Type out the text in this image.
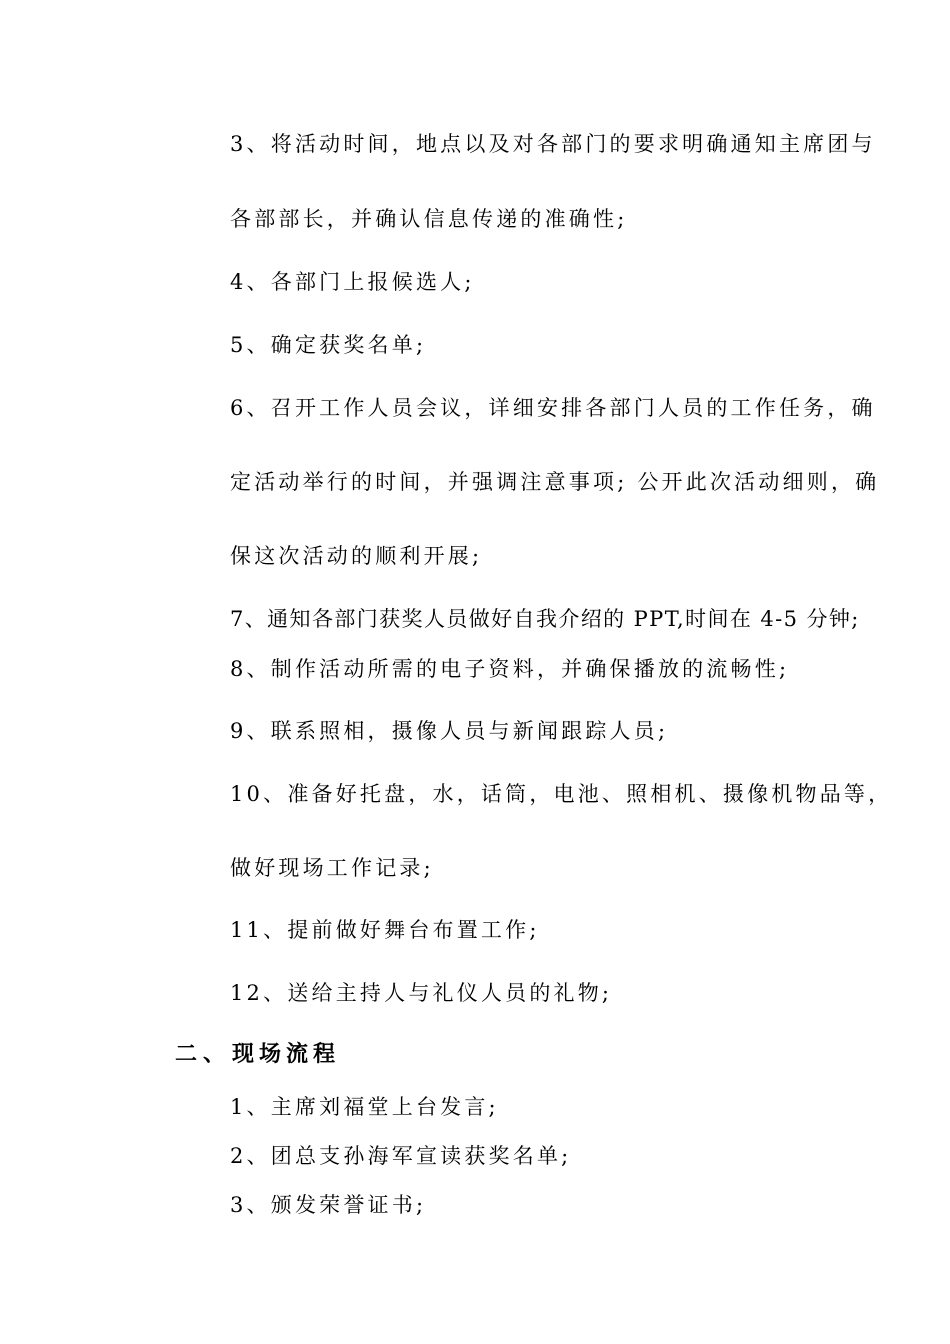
3、将活动时间，地点以及对各部门的要求明确通知主席团与
各部部长，并确认信息传递的准确性;
4、各部门上报候选人;
5、确定获奖名单;
6、召开工作人员会议，详细安排各部门人员的工作任务，确
定活动举行的时间，并强调注意事项; 公开此次活动细则，确
保这次活动的顺利开展;
7、通知各部门获奖人员做好自我介绍的 PPT,时间在 4-5 分钟;
8、制作活动所需的电子资料，并确保播放的流畅性;
9、联系照相，摄像人员与新闻跟踪人员;
10、准备好托盘，水，话筒，电池、照相机、摄像机物品等，
做好现场工作记录;
11、提前做好舞台布置工作;
12、送给主持人与礼仪人员的礼物;
二、 现场流程
1、主席刘福堂上台发言;
2、团总支孙海军宣读获奖名单;
3、颁发荣誉证书;
